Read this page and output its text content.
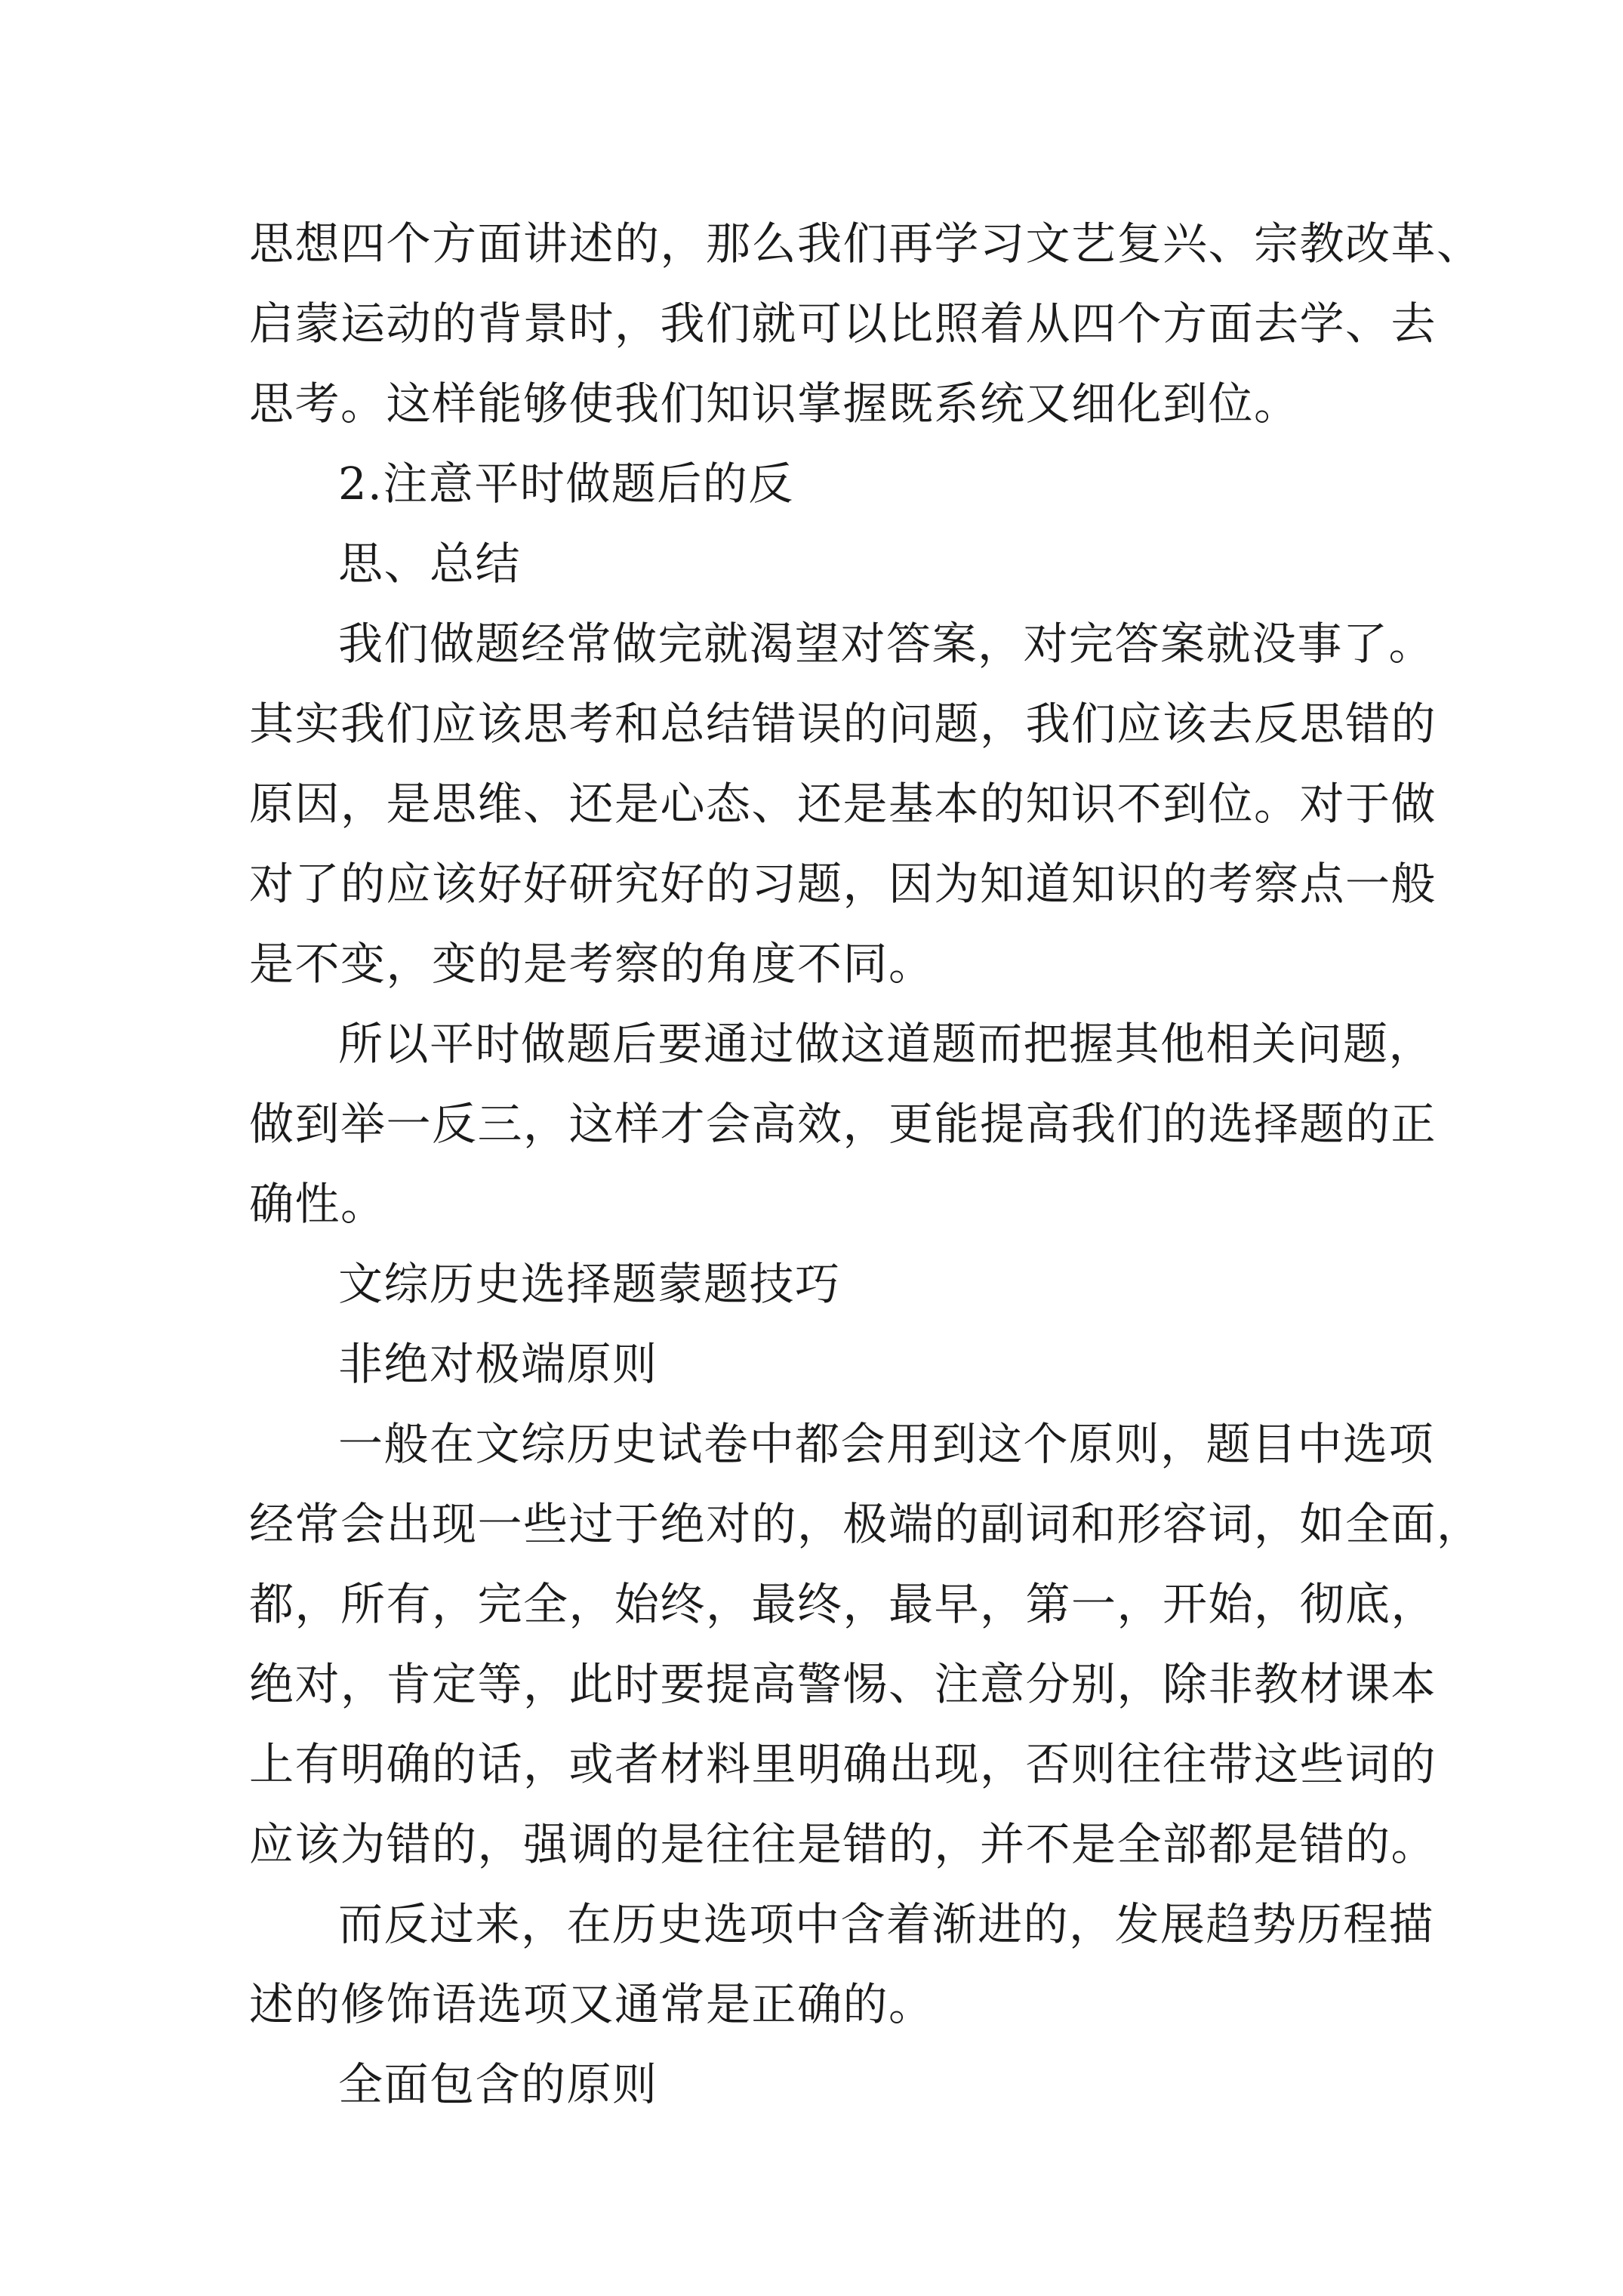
思想四个方面讲述的，那么我们再学习文艺复兴、宗教改革、
启蒙运动的背景时，我们就可以比照着从四个方面去学、去
思考。这样能够使我们知识掌握既系统又细化到位。
2.注意平时做题后的反
思、总结
我们做题经常做完就渴望对答案，对完答案就没事了。
其实我们应该思考和总结错误的问题，我们应该去反思错的
原因，是思维、还是心态、还是基本的知识不到位。对于做
对了的应该好好研究好的习题，因为知道知识的考察点一般
是不变，变的是考察的角度不同。
所以平时做题后要通过做这道题而把握其他相关问题，
做到举一反三，这样才会高效，更能提高我们的选择题的正
确性。
文综历史选择题蒙题技巧
非绝对极端原则
一般在文综历史试卷中都会用到这个原则，题目中选项
经常会出现一些过于绝对的，极端的副词和形容词，如全面，
都，所有，完全，始终，最终，最早，第一，开始，彻底，
绝对，肯定等，此时要提高警惕、注意分别，除非教材课本
上有明确的话，或者材料里明确出现，否则往往带这些词的
应该为错的，强调的是往往是错的，并不是全部都是错的。
而反过来，在历史选项中含着渐进的，发展趋势历程描
述的修饰语选项又通常是正确的。
全面包含的原则
